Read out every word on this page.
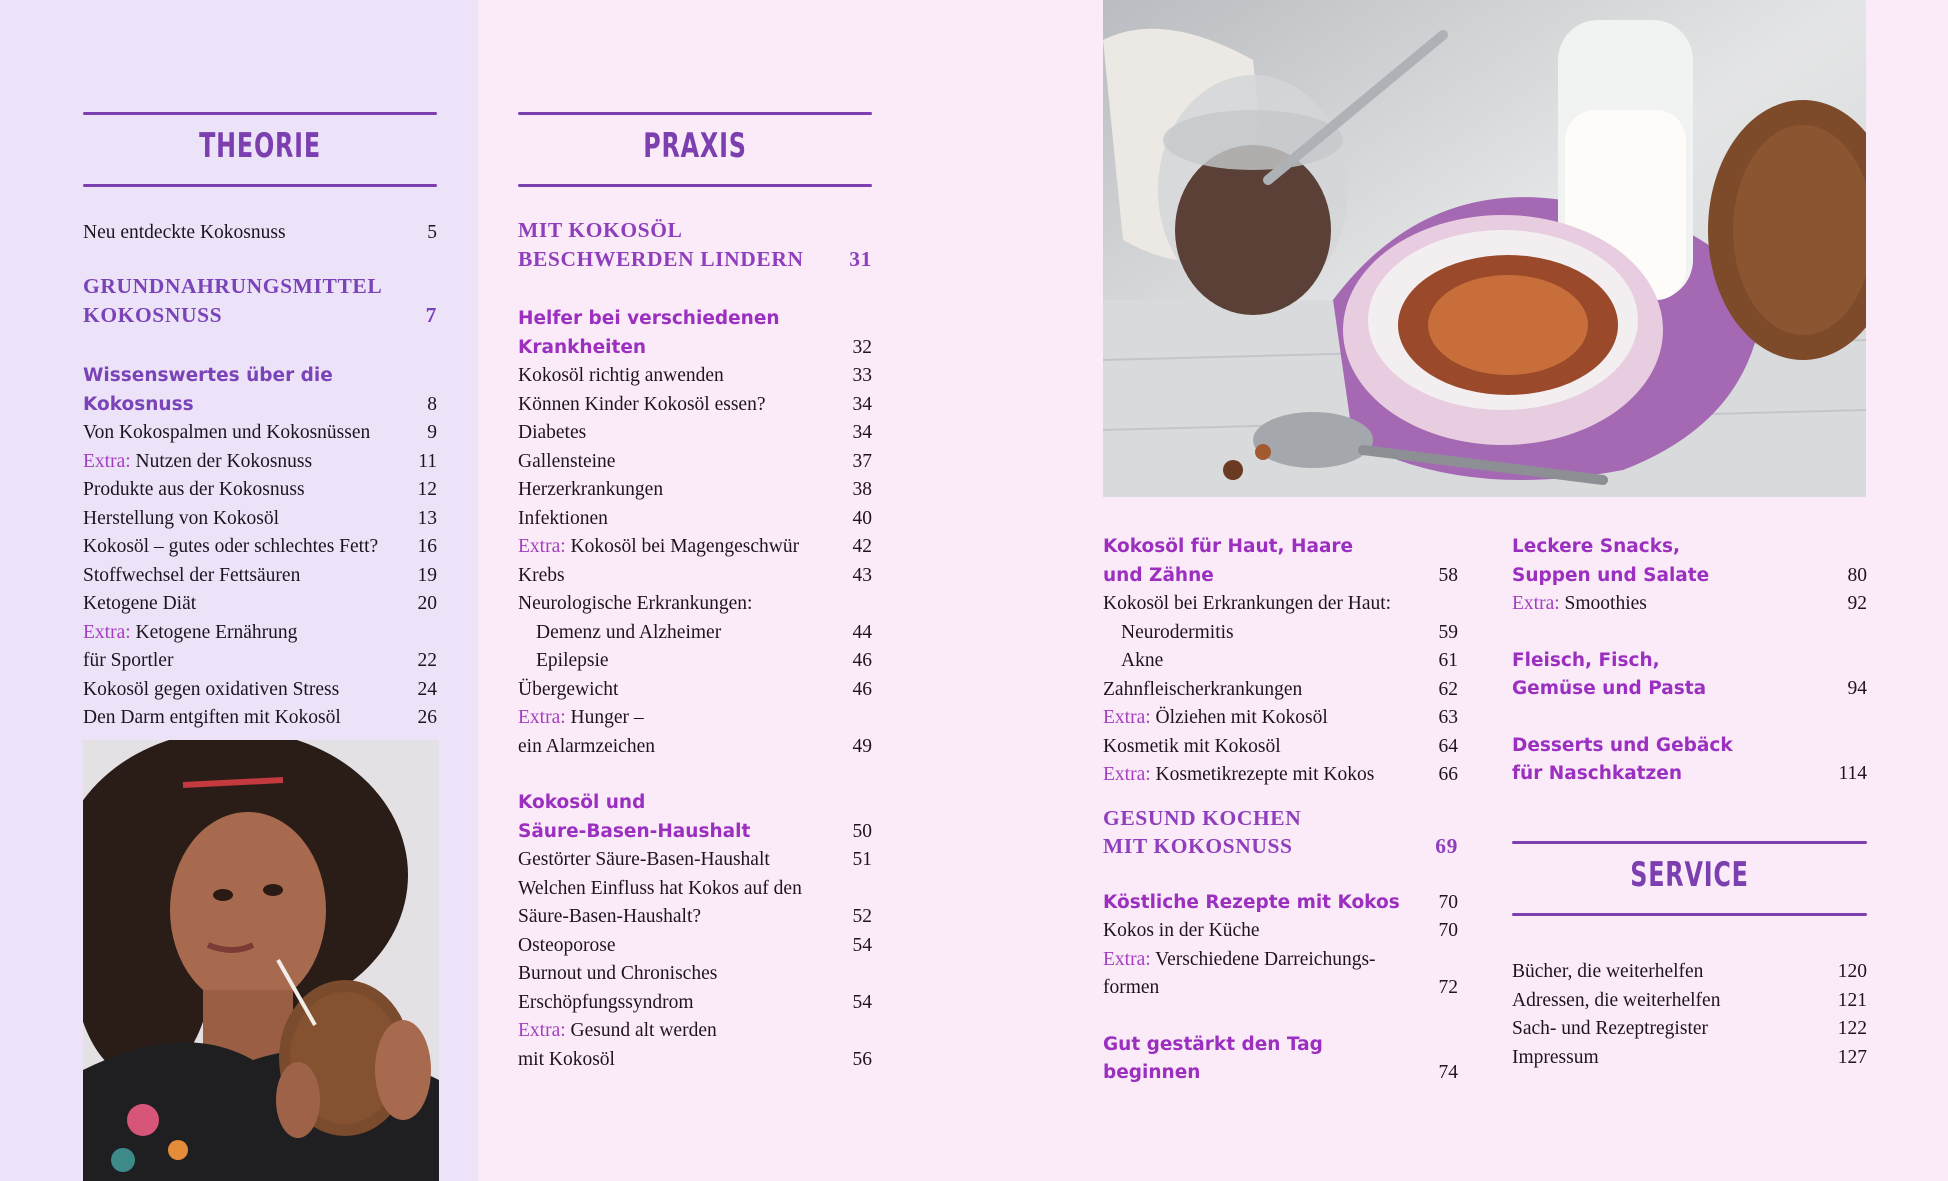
THEORIE
Neu entdeckte Kokosnuss	5
GRUNDNAHRUNGSMITTEL
KOKOSNUSS	7
Wissenswertes über die Kokosnuss	8
Von Kokospalmen und Kokosnüssen	9
Extra: Nutzen der Kokosnuss	11
Produkte aus der Kokosnuss	12
Herstellung von Kokosöl	13
Kokosöl – gutes oder schlechtes Fett?	16
Stoffwechsel der Fettsäuren	19
Ketogene Diät	20
Extra: Ketogene Ernährung
für Sportler	22
Kokosöl gegen oxidativen Stress	24
Den Darm entgiften mit Kokosöl	26
PRAXIS
MIT KOKOSÖL
BESCHWERDEN LINDERN	31
Helfer bei verschiedenen
Krankheiten	32
Kokosöl richtig anwenden	33
Können Kinder Kokosöl essen?	34
Diabetes	34
Gallensteine	37
Herzerkrankungen	38
Infektionen	40
Extra: Kokosöl bei Magengeschwür	42
Krebs	43
Neurologische Erkrankungen:
Demenz und Alzheimer	44
Epilepsie	46
Übergewicht	46
Extra: Hunger –
ein Alarmzeichen	49
Kokosöl und
Säure-Basen-Haushalt	50
Gestörter Säure-Basen-Haushalt	51
Welchen Einfluss hat Kokos auf den
Säure-Basen-Haushalt?	52
Osteoporose	54
Burnout und Chronisches
Erschöpfungssyndrom	54
Extra: Gesund alt werden
mit Kokosöl	56
Kokosöl für Haut, Haare
und Zähne	58
Kokosöl bei Erkrankungen der Haut:
Neurodermitis	59
Akne	61
Zahnfleischerkrankungen	62
Extra: Ölziehen mit Kokosöl	63
Kosmetik mit Kokosöl	64
Extra: Kosmetikrezepte mit Kokos	66
GESUND KOCHEN
MIT KOKOSNUSS	69
Köstliche Rezepte mit Kokos	70
Kokos in der Küche	70
Extra: Verschiedene Darreichungs-
formen	72
Gut gestärkt den Tag beginnen	74
Leckere Snacks,
Suppen und Salate	80
Extra: Smoothies	92
Fleisch, Fisch,
Gemüse und Pasta	94
Desserts und Gebäck
für Naschkatzen	114
SERVICE
Bücher, die weiterhelfen	120
Adressen, die weiterhelfen	121
Sach- und Rezeptregister	122
Impressum	127
